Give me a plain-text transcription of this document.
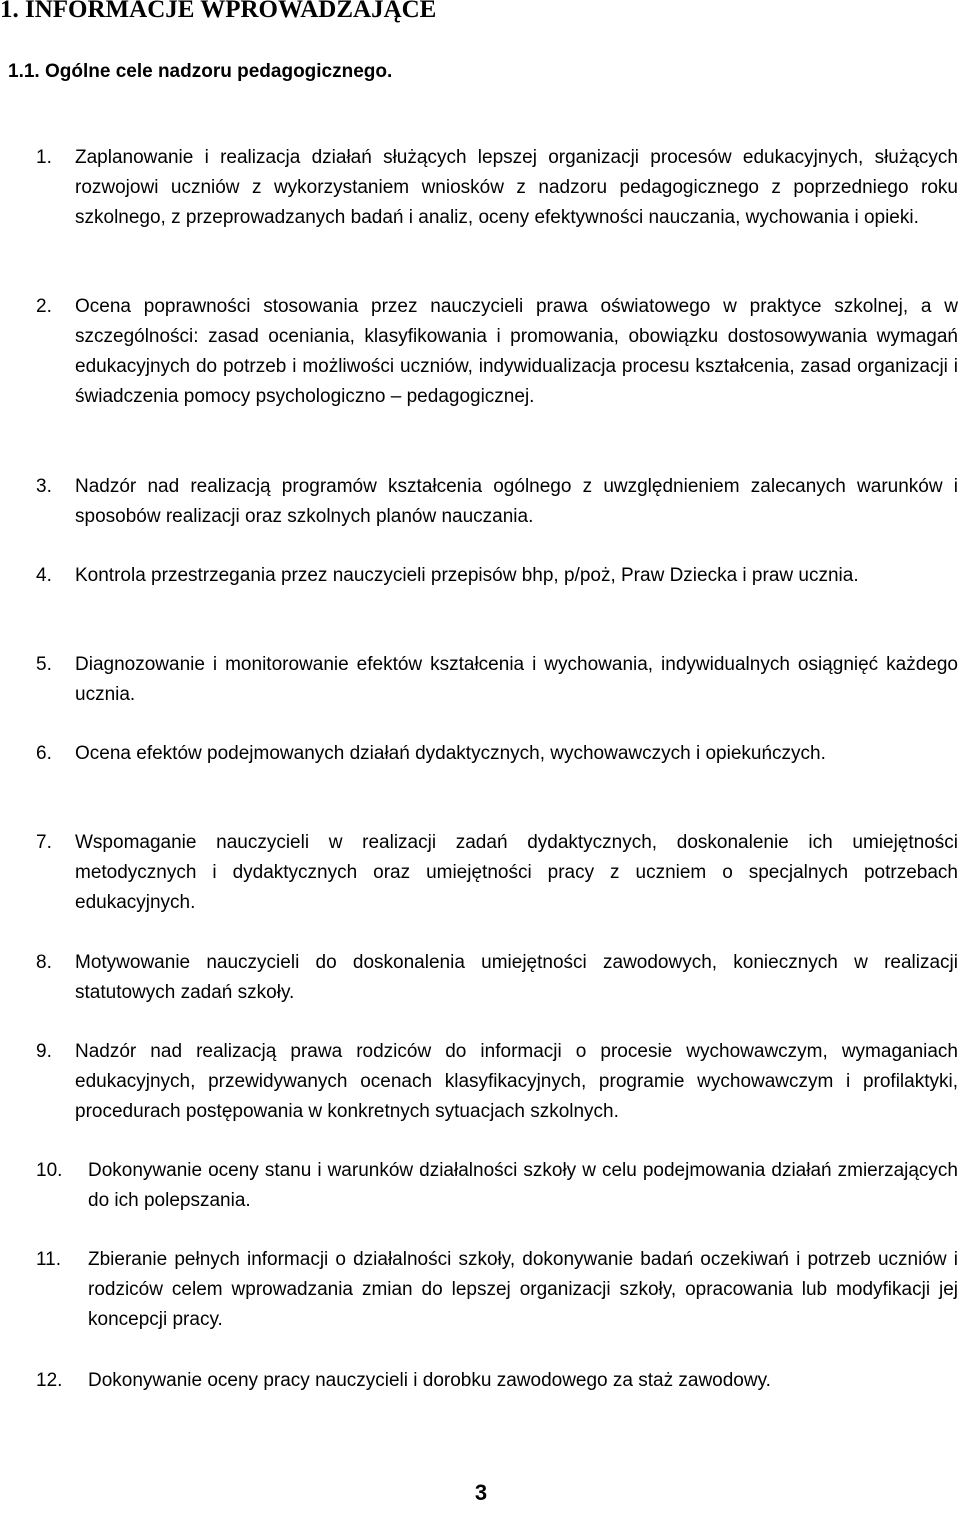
1. INFORMACJE WPROWADZAJĄCE
1.1. Ogólne cele nadzoru pedagogicznego.
1. Zaplanowanie i realizacja działań służących lepszej organizacji procesów edukacyjnych, służących rozwojowi uczniów z wykorzystaniem wniosków z nadzoru pedagogicznego z poprzedniego roku szkolnego, z przeprowadzanych badań i analiz, oceny efektywności nauczania, wychowania i opieki.
2. Ocena poprawności stosowania przez nauczycieli prawa oświatowego w praktyce szkolnej, a w szczególności: zasad oceniania, klasyfikowania i promowania, obowiązku dostosowywania wymagań edukacyjnych do potrzeb i możliwości uczniów, indywidualizacja procesu kształcenia, zasad organizacji i świadczenia pomocy psychologiczno – pedagogicznej.
3. Nadzór nad realizacją programów kształcenia ogólnego z uwzględnieniem zalecanych warunków i sposobów realizacji oraz szkolnych planów nauczania.
4. Kontrola przestrzegania przez nauczycieli przepisów bhp, p/poż, Praw Dziecka i praw ucznia.
5. Diagnozowanie i monitorowanie efektów kształcenia i wychowania, indywidualnych osiągnięć każdego ucznia.
6. Ocena efektów podejmowanych działań dydaktycznych, wychowawczych i opiekuńczych.
7. Wspomaganie nauczycieli w realizacji zadań dydaktycznych, doskonalenie ich umiejętności metodycznych i dydaktycznych oraz umiejętności pracy z uczniem o specjalnych potrzebach edukacyjnych.
8. Motywowanie nauczycieli do doskonalenia umiejętności zawodowych, koniecznych w realizacji statutowych zadań szkoły.
9. Nadzór nad realizacją prawa rodziców do informacji o procesie wychowawczym, wymaganiach edukacyjnych, przewidywanych ocenach klasyfikacyjnych, programie wychowawczym i profilaktyki, procedurach postępowania w konkretnych sytuacjach szkolnych.
10. Dokonywanie oceny stanu i warunków działalności szkoły w celu podejmowania działań zmierzających do ich polepszania.
11. Zbieranie pełnych informacji o działalności szkoły, dokonywanie badań oczekiwań i potrzeb uczniów i rodziców celem wprowadzania zmian do lepszej organizacji szkoły, opracowania lub modyfikacji jej koncepcji pracy.
12. Dokonywanie oceny pracy nauczycieli i dorobku zawodowego za staż zawodowy.
3
